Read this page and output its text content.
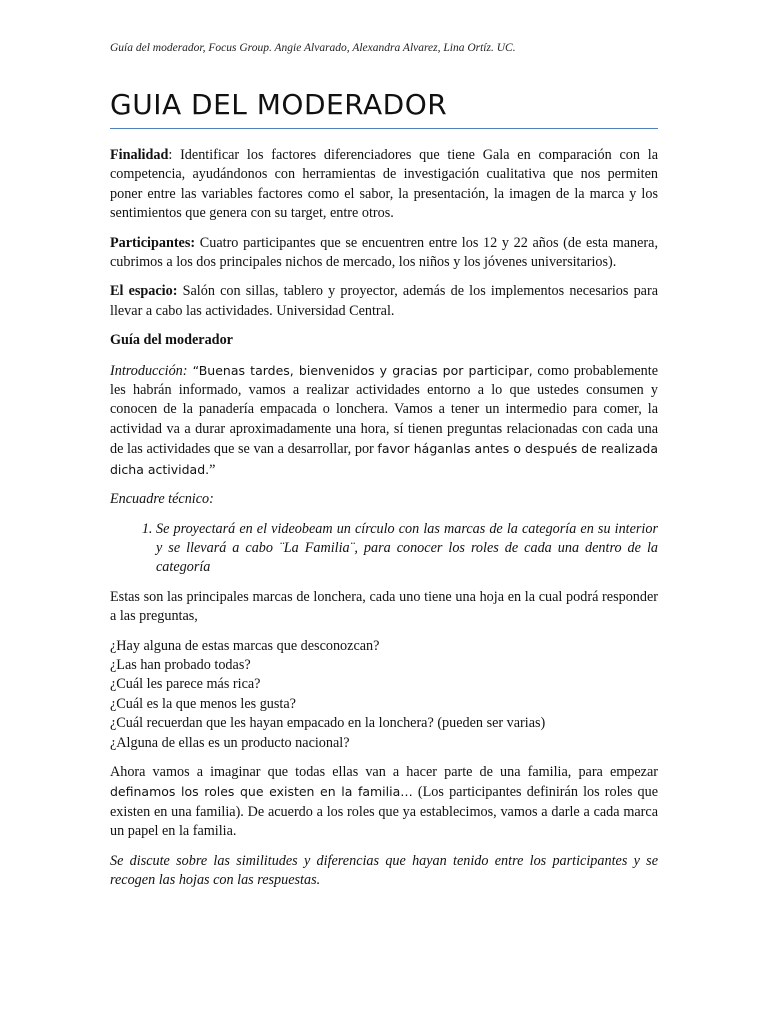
Guía del moderador, Focus Group. Angie Alvarado, Alexandra Alvarez, Lina Ortíz. UC.
GUIA DEL MODERADOR

Finalidad: Identificar los factores diferenciadores que tiene Gala en comparación con la competencia, ayudándonos con herramientas de investigación cualitativa que nos permiten poner entre las variables factores como el sabor, la presentación, la imagen de la marca y los sentimientos que genera con su target, entre otros.

Participantes: Cuatro participantes que se encuentren entre los 12 y 22 años (de esta manera, cubrimos a los dos principales nichos de mercado, los niños y los jóvenes universitarios).

El espacio: Salón con sillas, tablero y proyector, además de los implementos necesarios para llevar a cabo las actividades. Universidad Central.

Guía del moderador

Introducción: “Buenas tardes, bienvenidos y gracias por participar, como probablemente les habrán informado, vamos a realizar actividades entorno a lo que ustedes consumen y conocen de la panadería empacada o lonchera. Vamos a tener un intermedio para comer, la actividad va a durar aproximadamente una hora, sí tienen preguntas relacionadas con cada una de las actividades que se van a desarrollar, por favor háganlas antes o después de realizada dicha actividad.”

Encuadre técnico:

1. Se proyectará en el videobeam un círculo con las marcas de la categoría en su interior y se llevará a cabo ¨La Familia¨, para conocer los roles de cada una dentro de la categoría

Estas son las principales marcas de lonchera, cada uno tiene una hoja en la cual podrá responder a las preguntas,

¿Hay alguna de estas marcas que desconozcan?
¿Las han probado todas?
¿Cuál les parece más rica?
¿Cuál es la que menos les gusta?
¿Cuál recuerdan que les hayan empacado en la lonchera? (pueden ser varias)
¿Alguna de ellas es un producto nacional?

Ahora vamos a imaginar que todas ellas van a hacer parte de una familia, para empezar definamos los roles que existen en la familia… (Los participantes definirán los roles que existen en una familia). De acuerdo a los roles que ya establecimos, vamos a darle a cada marca un papel en la familia.

Se discute sobre las similitudes y diferencias que hayan tenido entre los participantes y se recogen las hojas con las respuestas.
